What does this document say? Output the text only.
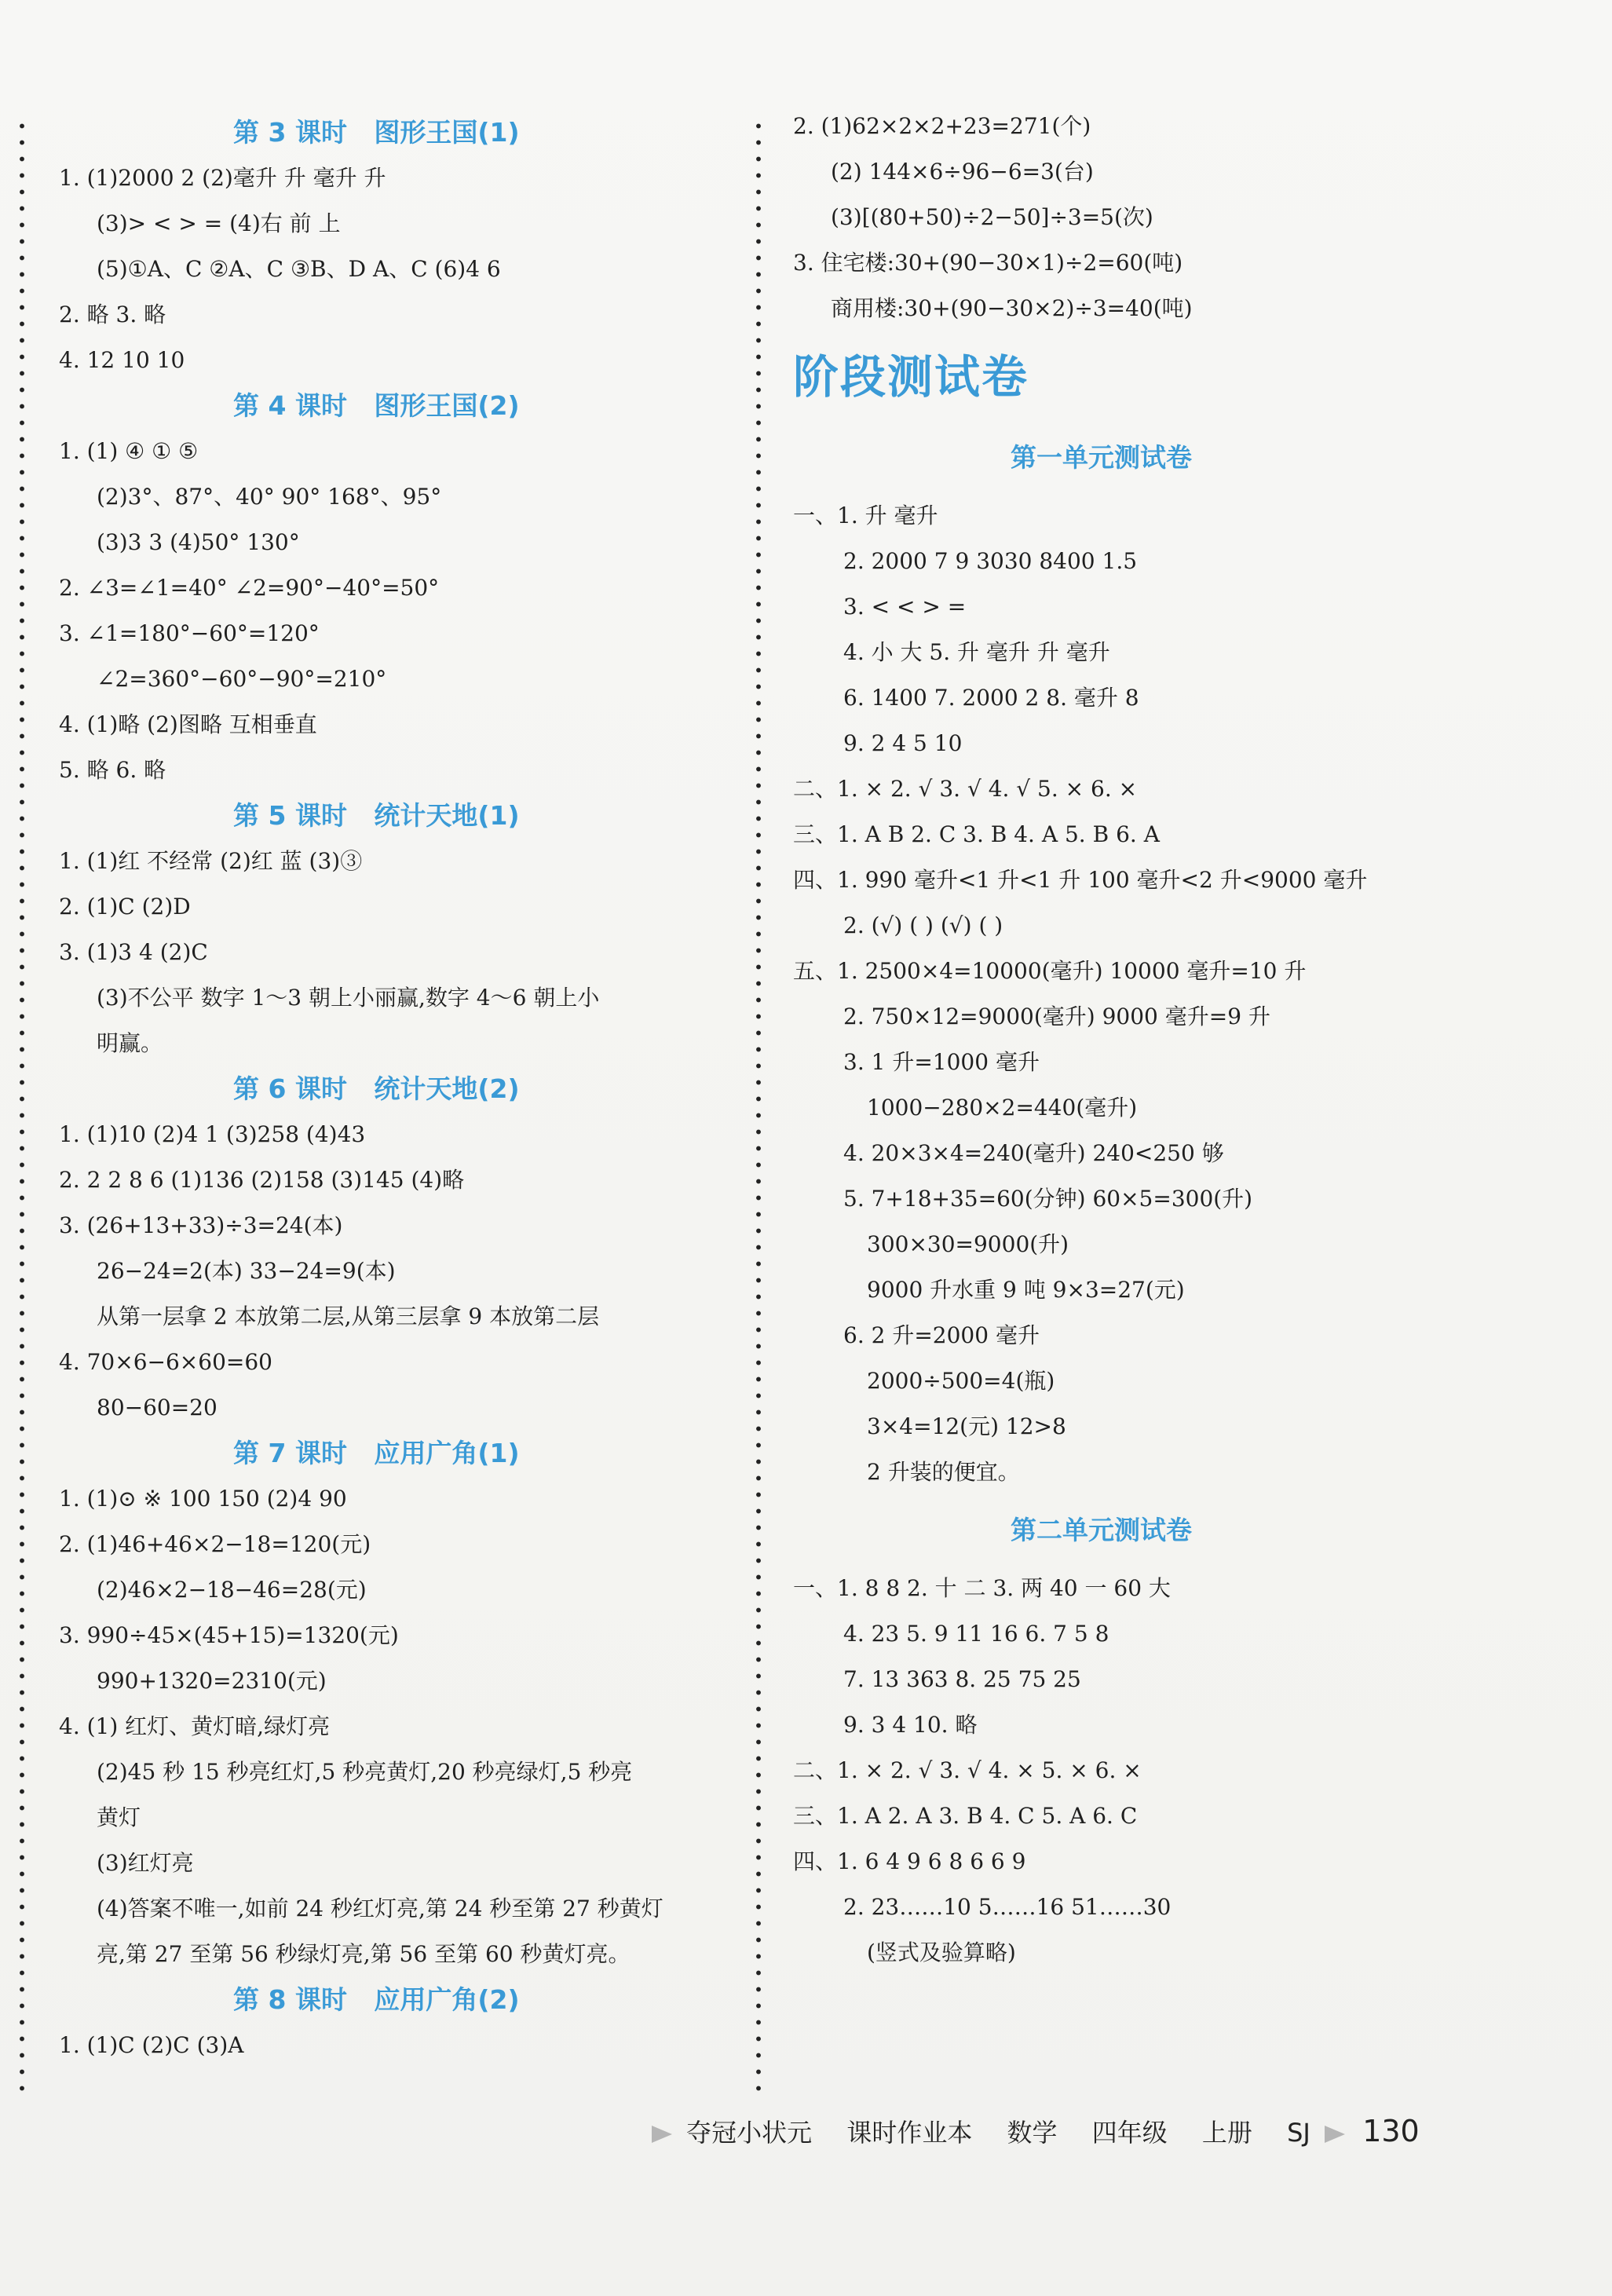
第 3 课时   图形王国(1)
1. (1)2000 2 (2)毫升 升 毫升 升
(3)> < > = (4)右 前 上
(5)①A、C ②A、C ③B、D A、C (6)4 6
2. 略 3. 略
4. 12 10 10
第 4 课时   图形王国(2)
1. (1) ④ ① ⑤
(2)3°、87°、40° 90° 168°、95°
(3)3 3 (4)50° 130°
2. ∠3=∠1=40° ∠2=90°−40°=50°
3. ∠1=180°−60°=120°
∠2=360°−60°−90°=210°
4. (1)略 (2)图略 互相垂直
5. 略 6. 略
第 5 课时   统计天地(1)
1. (1)红 不经常 (2)红 蓝 (3)③
2. (1)C (2)D
3. (1)3 4 (2)C
(3)不公平 数字 1～3 朝上小丽赢,数字 4～6 朝上小
明赢。
第 6 课时   统计天地(2)
1. (1)10 (2)4 1 (3)258 (4)43
2. 2 2 8 6 (1)136 (2)158 (3)145 (4)略
3. (26+13+33)÷3=24(本)
26−24=2(本) 33−24=9(本)
从第一层拿 2 本放第二层,从第三层拿 9 本放第二层
4. 70×6−6×60=60
80−60=20
第 7 课时   应用广角(1)
1. (1)⊙ ※ 100 150 (2)4 90
2. (1)46+46×2−18=120(元)
(2)46×2−18−46=28(元)
3. 990÷45×(45+15)=1320(元)
990+1320=2310(元)
4. (1) 红灯、黄灯暗,绿灯亮
(2)45 秒 15 秒亮红灯,5 秒亮黄灯,20 秒亮绿灯,5 秒亮
黄灯
(3)红灯亮
(4)答案不唯一,如前 24 秒红灯亮,第 24 秒至第 27 秒黄灯
亮,第 27 至第 56 秒绿灯亮,第 56 至第 60 秒黄灯亮。
第 8 课时   应用广角(2)
1. (1)C (2)C (3)A
2. (1)62×2×2+23=271(个)
(2) 144×6÷96−6=3(台)
(3)[(80+50)÷2−50]÷3=5(次)
3. 住宅楼:30+(90−30×1)÷2=60(吨)
商用楼:30+(90−30×2)÷3=40(吨)
阶段测试卷
第一单元测试卷
一、1. 升 毫升
2. 2000 7 9 3030 8400 1.5
3. < < > =
4. 小 大 5. 升 毫升 升 毫升
6. 1400 7. 2000 2 8. 毫升 8
9. 2 4 5 10
二、1. × 2. √ 3. √ 4. √ 5. × 6. ×
三、1. A B 2. C 3. B 4. A 5. B 6. A
四、1. 990 毫升<1 升<1 升 100 毫升<2 升<9000 毫升
2. (√) ( ) (√) ( )
五、1. 2500×4=10000(毫升) 10000 毫升=10 升
2. 750×12=9000(毫升) 9000 毫升=9 升
3. 1 升=1000 毫升
1000−280×2=440(毫升)
4. 20×3×4=240(毫升) 240<250 够
5. 7+18+35=60(分钟) 60×5=300(升)
300×30=9000(升)
9000 升水重 9 吨 9×3=27(元)
6. 2 升=2000 毫升
2000÷500=4(瓶)
3×4=12(元) 12>8
2 升装的便宜。
第二单元测试卷
一、1. 8 8 2. 十 二 3. 两 40 一 60 大
4. 23 5. 9 11 16 6. 7 5 8
7. 13 363 8. 25 75 25
9. 3 4 10. 略
二、1. × 2. √ 3. √ 4. × 5. × 6. ×
三、1. A 2. A 3. B 4. C 5. A 6. C
四、1. 6 4 9 6 8 6 6 9
2. 23……10 5……16 51……30
(竖式及验算略)
夺冠小状元 课时作业本 数学 四年级 上册 SJ 130
